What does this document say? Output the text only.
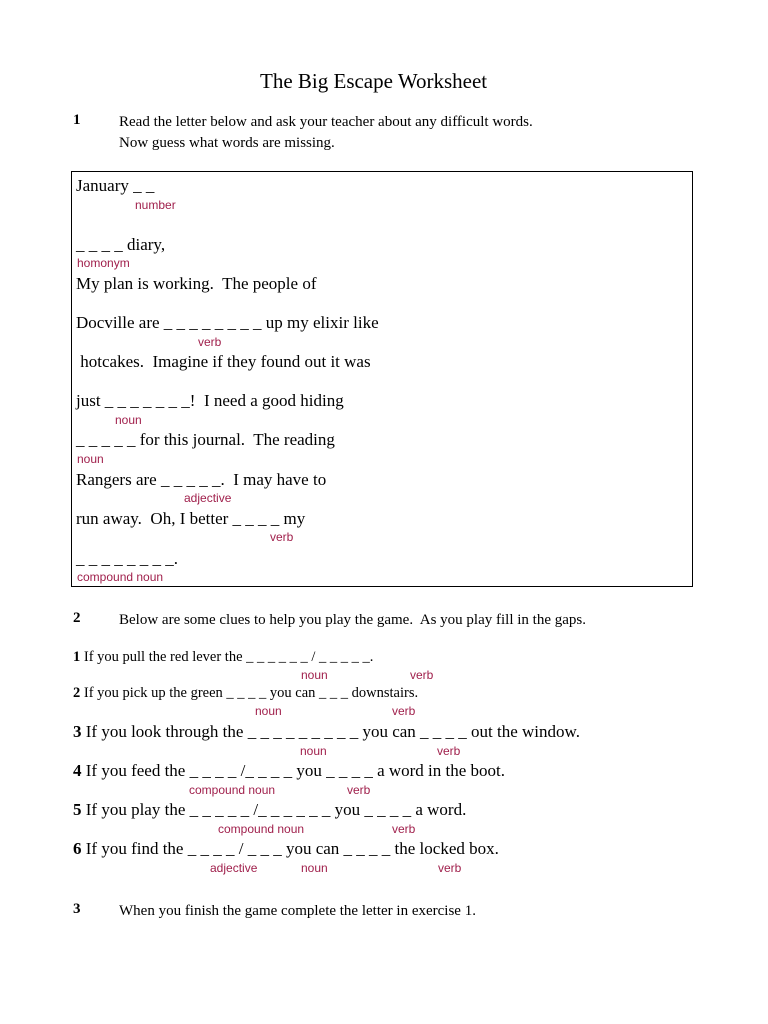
The Big Escape Worksheet
1	Read the letter below and ask your teacher about any difficult words.
Now guess what words are missing.
January _ _
number
_ _ _ _ diary,
homonym
My plan is working.  The people of
Docville are _ _ _ _ _ _ _ _ up my elixir like
verb
hotcakes.  Imagine if they found out it was
just _ _ _ _ _ _ _!  I need a good hiding
noun
_ _ _ _ _ for this journal.  The reading
noun
Rangers are _ _ _ _ _.  I may have to
adjective
run away.  Oh, I better _ _ _ _ my
verb
_ _ _ _ _ _ _ _.
compound noun
2	Below are some clues to help you play the game.  As you play fill in the gaps.
1 If you pull the red lever the _ _ _ _ _ _ / _ _ _ _ _.
noun	verb
2 If you pick up the green _ _ _ _ you can _ _ _ downstairs.
noun	verb
3 If you look through the _ _ _ _ _ _ _ _ _ you can _ _ _ _ out the window.
noun	verb
4 If you feed the _ _ _ _ /_ _ _ _ you _ _ _ _ a word in the boot.
compound noun	verb
5 If you play the _ _ _ _ _ /_ _ _ _ _ _ you _ _ _ _ a word.
compound noun	verb
6 If you find the _ _ _ _ / _ _ _ you can _ _ _ _ the locked box.
adjective	noun	verb
3	When you finish the game complete the letter in exercise 1.
